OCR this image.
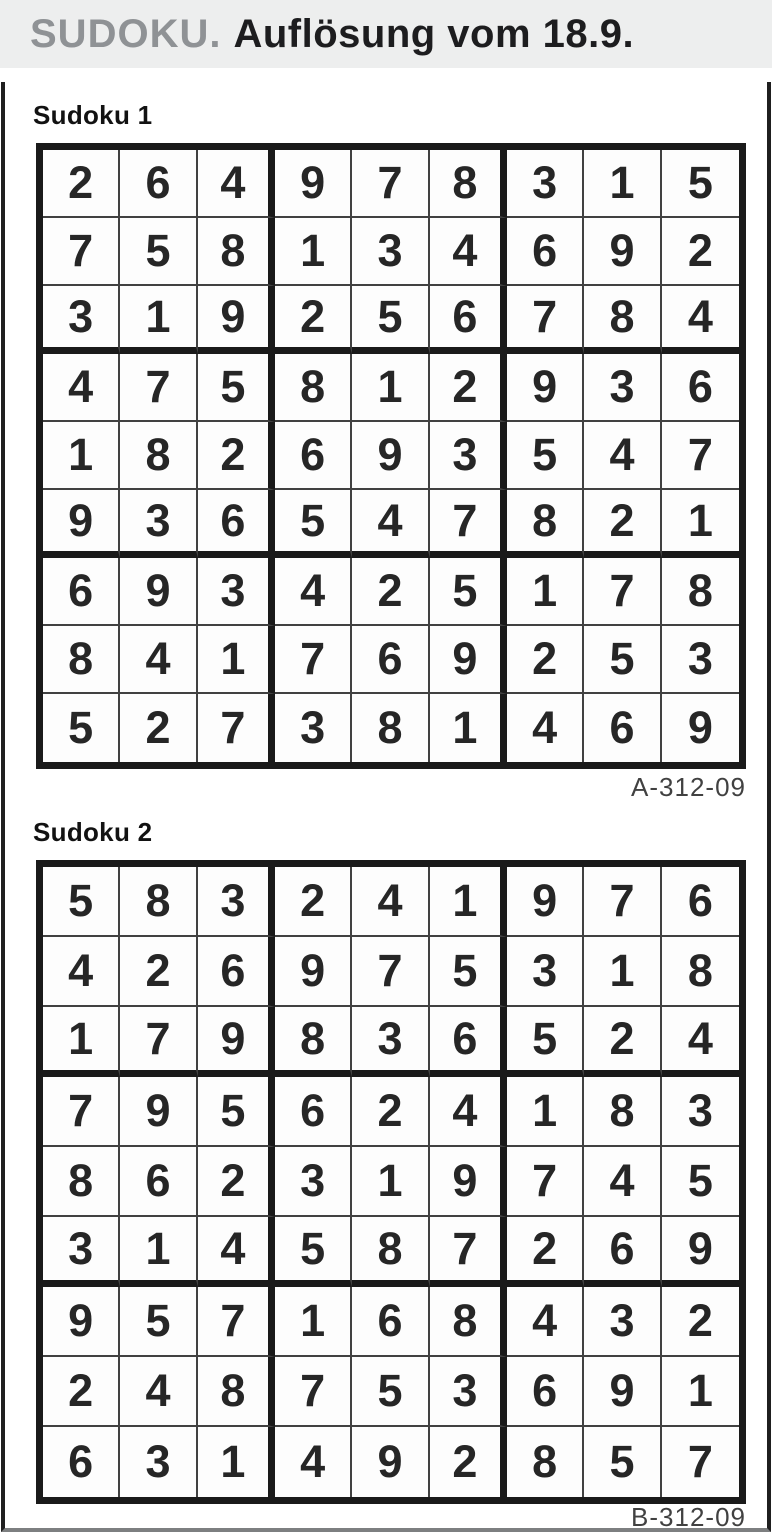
SUDOKU. Auflösung vom 18.9.
Sudoku 1
2	6	4	9	7	8	3	1	5
7	5	8	1	3	4	6	9	2
3	1	9	2	5	6	7	8	4
4	7	5	8	1	2	9	3	6
1	8	2	6	9	3	5	4	7
9	3	6	5	4	7	8	2	1
6	9	3	4	2	5	1	7	8
8	4	1	7	6	9	2	5	3
5	2	7	3	8	1	4	6	9
A-312-09
Sudoku 2
5	8	3	2	4	1	9	7	6
4	2	6	9	7	5	3	1	8
1	7	9	8	3	6	5	2	4
7	9	5	6	2	4	1	8	3
8	6	2	3	1	9	7	4	5
3	1	4	5	8	7	2	6	9
9	5	7	1	6	8	4	3	2
2	4	8	7	5	3	6	9	1
6	3	1	4	9	2	8	5	7
B-312-09
